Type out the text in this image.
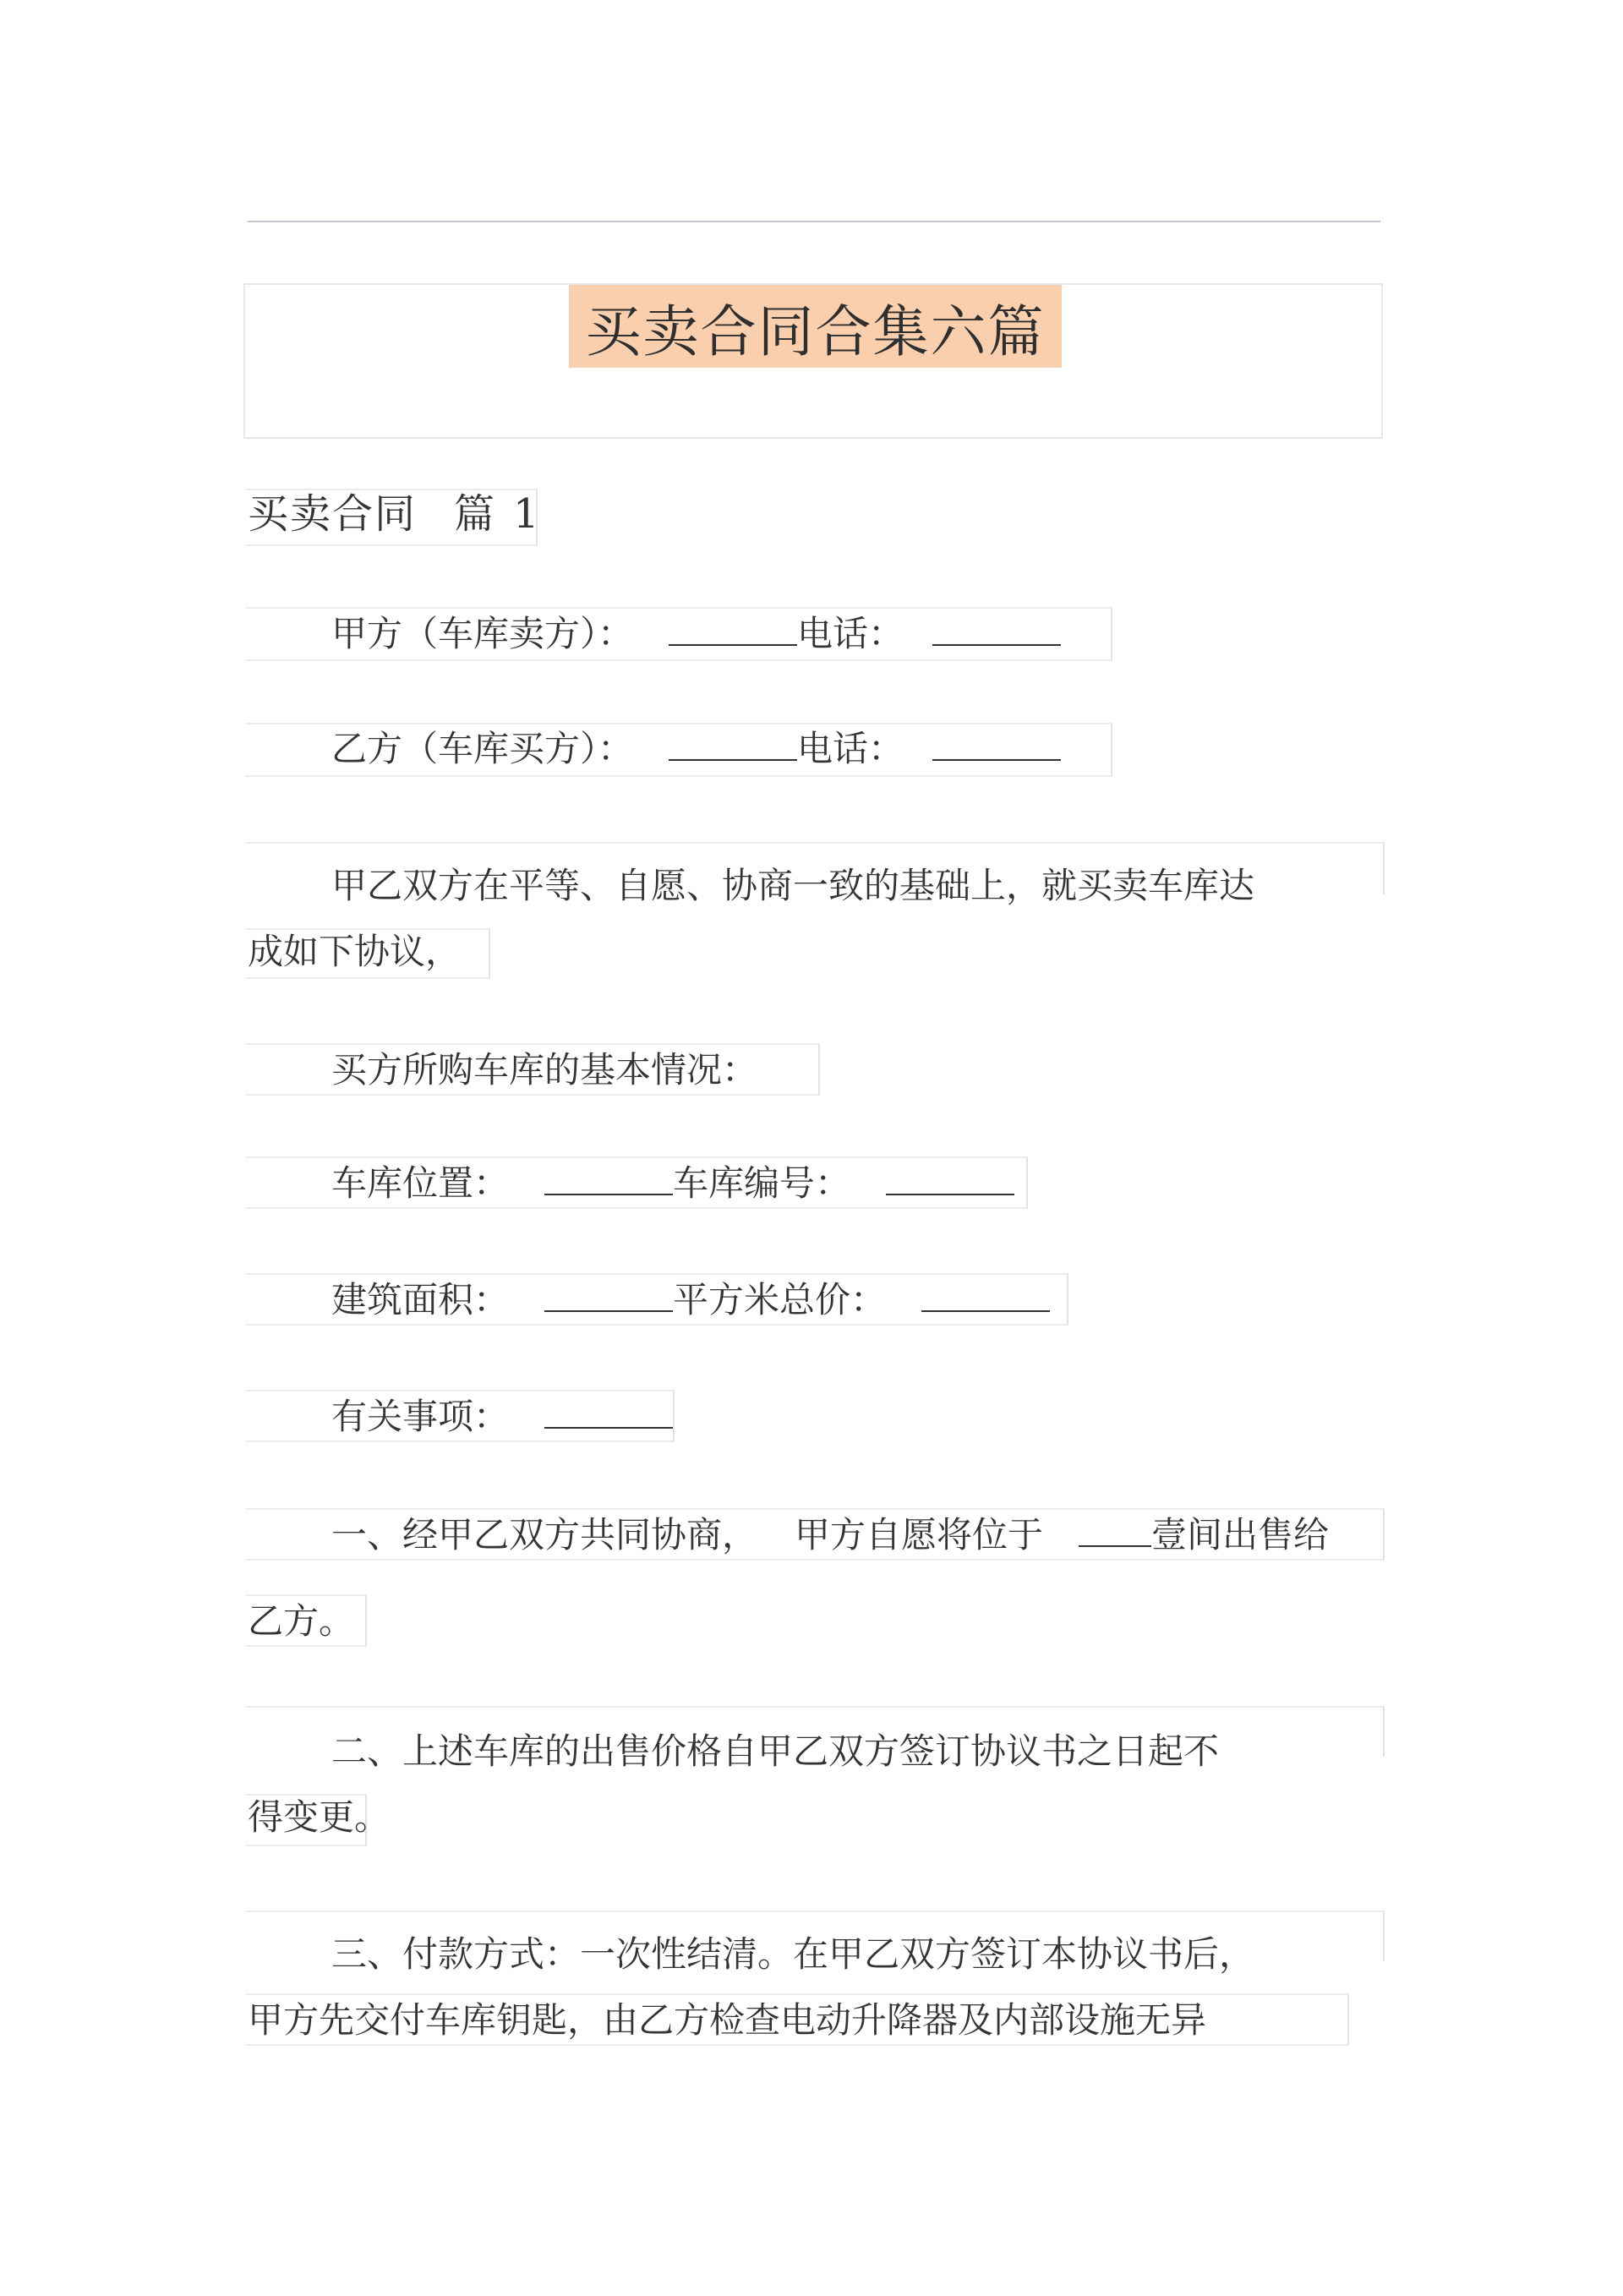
买卖合同合集六篇
买卖合同 篇 1
甲方（车库卖方）：	电话：
乙方（车库买方）：	电话：
甲乙双方在平等、自愿、协商一致的基础上，就买卖车库达
成如下协议，
买方所购车库的基本情况：
车库位置：	车库编号：
建筑面积：	平方米总价：
有关事项：
一、经甲乙双方共同协商， 甲方自愿将位于	壹间出售给
乙方。
二、上述车库的出售价格自甲乙双方签订协议书之日起不
得变更。
三、付款方式：一次性结清。在甲乙双方签订本协议书后，
甲方先交付车库钥匙，由乙方检查电动升降器及内部设施无异
